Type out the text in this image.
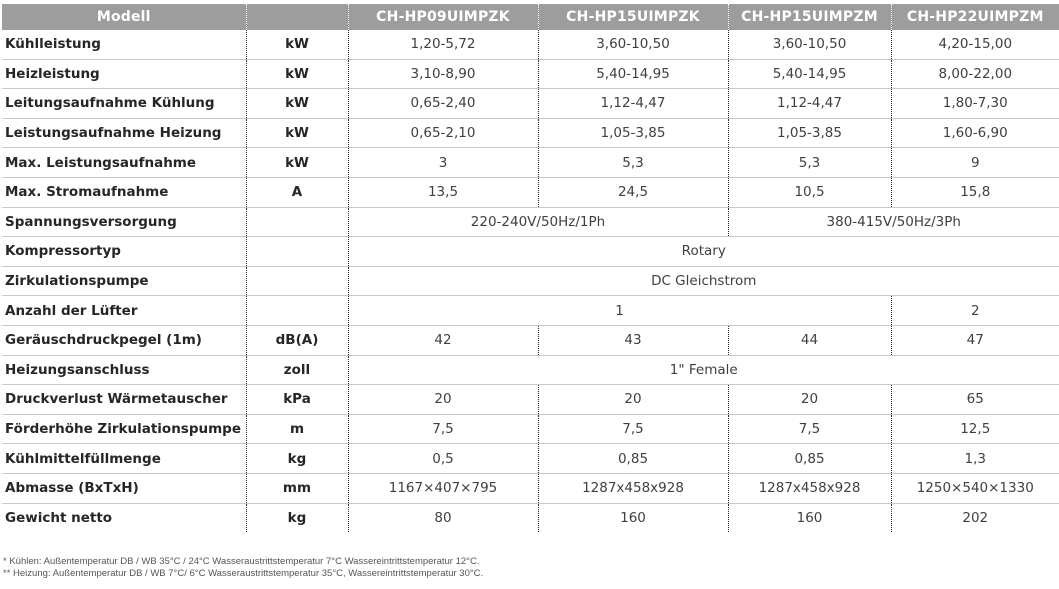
Modell		CH-HP09UIMPZK	CH-HP15UIMPZK	CH-HP15UIMPZM	CH-HP22UIMPZM
Kühlleistung	kW	1,20-5,72	3,60-10,50	3,60-10,50	4,20-15,00
Heizleistung	kW	3,10-8,90	5,40-14,95	5,40-14,95	8,00-22,00
Leitungsaufnahme Kühlung	kW	0,65-2,40	1,12-4,47	1,12-4,47	1,80-7,30
Leistungsaufnahme Heizung	kW	0,65-2,10	1,05-3,85	1,05-3,85	1,60-6,90
Max. Leistungsaufnahme	kW	3	5,3	5,3	9
Max. Stromaufnahme	A	13,5	24,5	10,5	15,8
Spannungsversorgung		220-240V/50Hz/1Ph		380-415V/50Hz/3Ph	
Kompressortyp		Rotary			
Zirkulationspumpe		DC Gleichstrom			
Anzahl der Lüfter		1			2
Geräuschdruckpegel (1m)	dB(A)	42	43	44	47
Heizungsanschluss	zoll	1" Female			
Druckverlust Wärmetauscher	kPa	20	20	20	65
Förderhöhe Zirkulationspumpe	m	7,5	7,5	7,5	12,5
Kühlmittelfüllmenge	kg	0,5	0,85	0,85	1,3
Abmasse (BxTxH)	mm	1167×407×795	1287x458x928	1287x458x928	1250×540×1330
Gewicht netto	kg	80	160	160	202
* Kühlen: Außentemperatur DB / WB 35°C / 24°C Wasseraustrittstemperatur 7°C Wassereintrittstemperatur 12°C.
** Heizung: Außentemperatur DB / WB 7°C/ 6°C Wasseraustrittstemperatur 35°C, Wassereintrittstemperatur 30°C.
